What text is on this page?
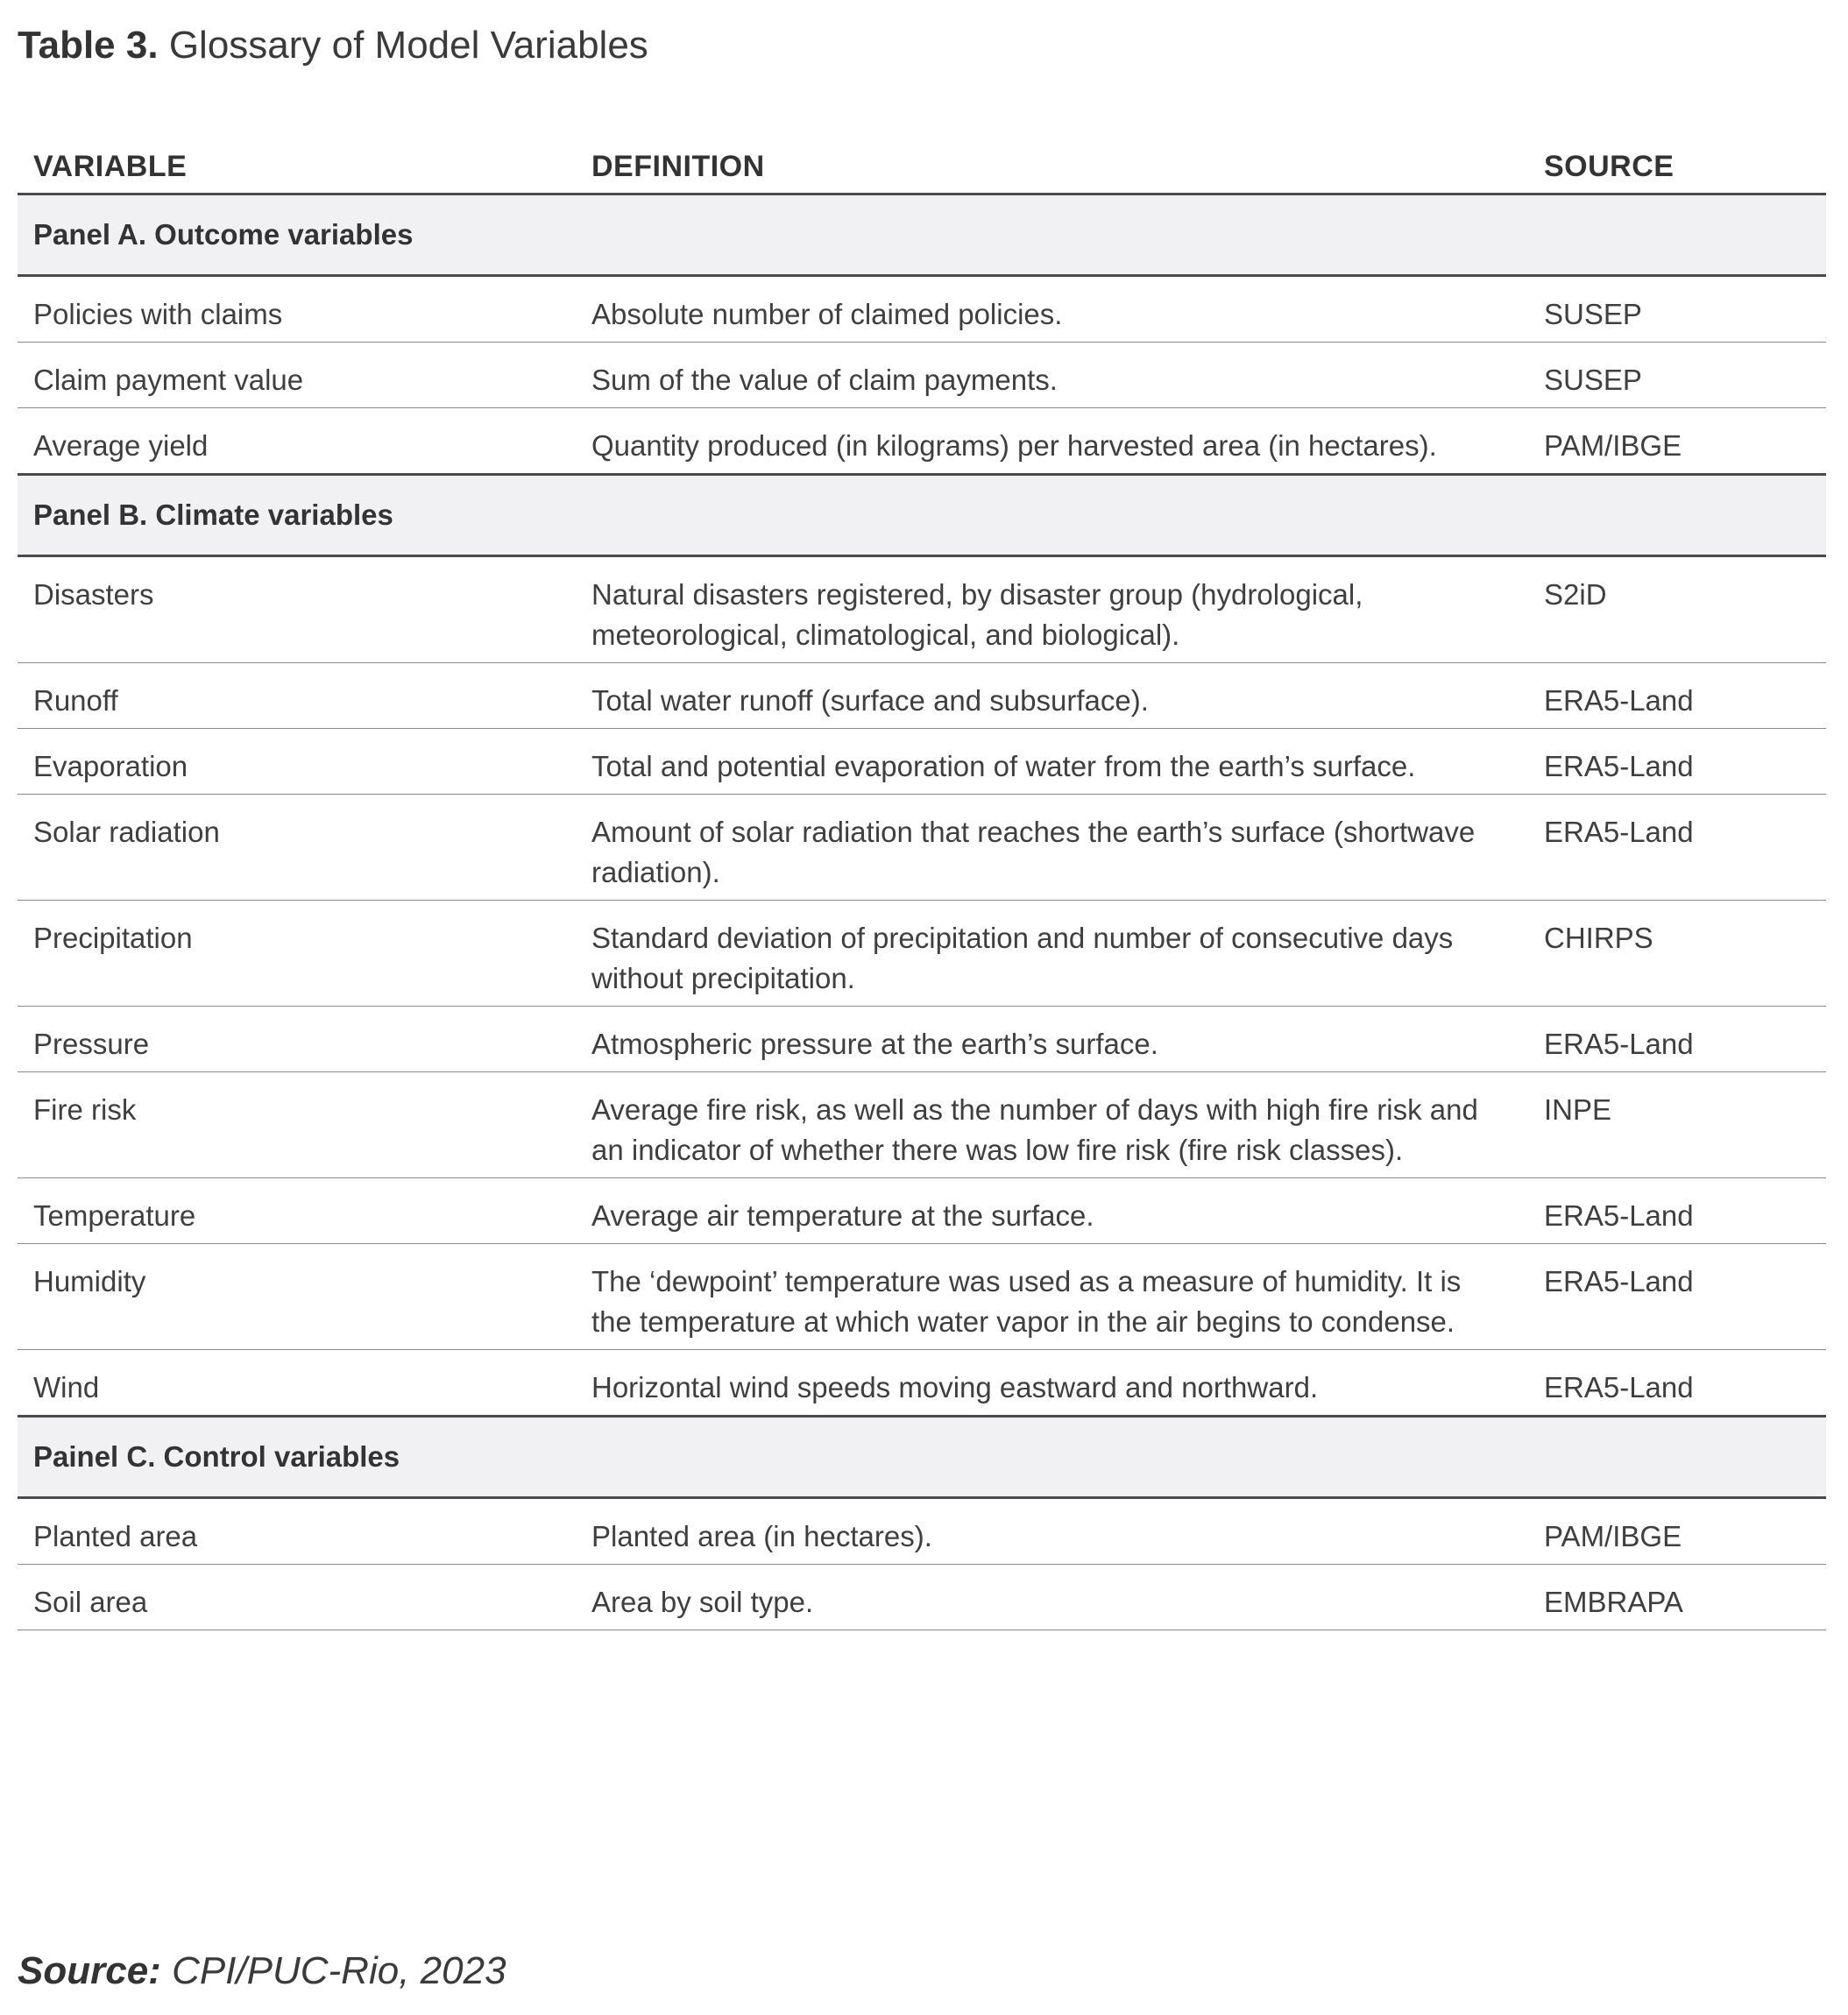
Table 3. Glossary of Model Variables
VARIABLE	DEFINITION	SOURCE
Panel A. Outcome variables		
Policies with claims	Absolute number of claimed policies.	SUSEP
Claim payment value	Sum of the value of claim payments.	SUSEP
Average yield	Quantity produced (in kilograms) per harvested area (in hectares).	PAM/IBGE
Panel B. Climate variables		
Disasters	Natural disasters registered, by disaster group (hydrological, meteorological, climatological, and biological).	S2iD
Runoff	Total water runoff (surface and subsurface).	ERA5-Land
Evaporation	Total and potential evaporation of water from the earth’s surface.	ERA5-Land
Solar radiation	Amount of solar radiation that reaches the earth’s surface (shortwave radiation).	ERA5-Land
Precipitation	Standard deviation of precipitation and number of consecutive days without precipitation.	CHIRPS
Pressure	Atmospheric pressure at the earth’s surface.	ERA5-Land
Fire risk	Average fire risk, as well as the number of days with high fire risk and an indicator of whether there was low fire risk (fire risk classes).	INPE
Temperature	Average air temperature at the surface.	ERA5-Land
Humidity	The ‘dewpoint’ temperature was used as a measure of humidity. It is the temperature at which water vapor in the air begins to condense.	ERA5-Land
Wind	Horizontal wind speeds moving eastward and northward.	ERA5-Land
Painel C. Control variables		
Planted area	Planted area (in hectares).	PAM/IBGE
Soil area	Area by soil type.	EMBRAPA
Source: CPI/PUC-Rio, 2023
